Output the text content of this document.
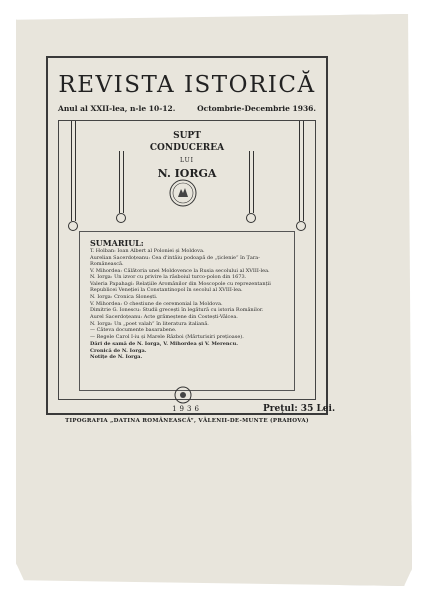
REVISTA ISTORICĂ
Anul al XXII-lea, n-le 10-12.	Octombrie-Decembrie 1936.
SUPT
CONDUCEREA
LUI
N. IORGA
SUMARIUL:
T. Holban: Ioan Albert al Poloniei și Moldova.
Aurelian Sacerdoțeanu: Cea d'intâiu podoapă de „țiclenie” în Țara-Românească.
V. Mihordea: Călătoria unei Moldovence la Rusia secolului al XVIII-lea.
N. Iorga: Un izvor cu privire la răsboiul turco-polon din 1673.
Valeria Papahagi: Relațiile Aromânilor din Moscopole cu reprezentanții Republicei Veneției la Constantinopol în secolul al XVIII-lea.
N. Iorga: Cronica Slonești.
V. Mihordea: O chestiune de ceremonial la Moldova.
Dimitrie G. Ionescu: Studii grecești în legătură cu istoria Românilor.
Aurel Sacerdoțeanu: Acte grămeștene din Costești-Vâlcea.
N. Iorga: Un „poet valah” în literatura italiană.
— Câteva documente basarabene.
— Regele Carol I-iu și Marele Război (Mărturisiri prețioase).
Dări de samă de N. Iorga, V. Mihordea și V. Merencu.
Cronică de N. Iorga.
Notițe de N. Iorga.
1936
TIPOGRAFIA „DATINA ROMÂNEASCĂ”, VĂLENII-DE-MUNTE (PRAHOVA)
Prețul: 35 Lei.
